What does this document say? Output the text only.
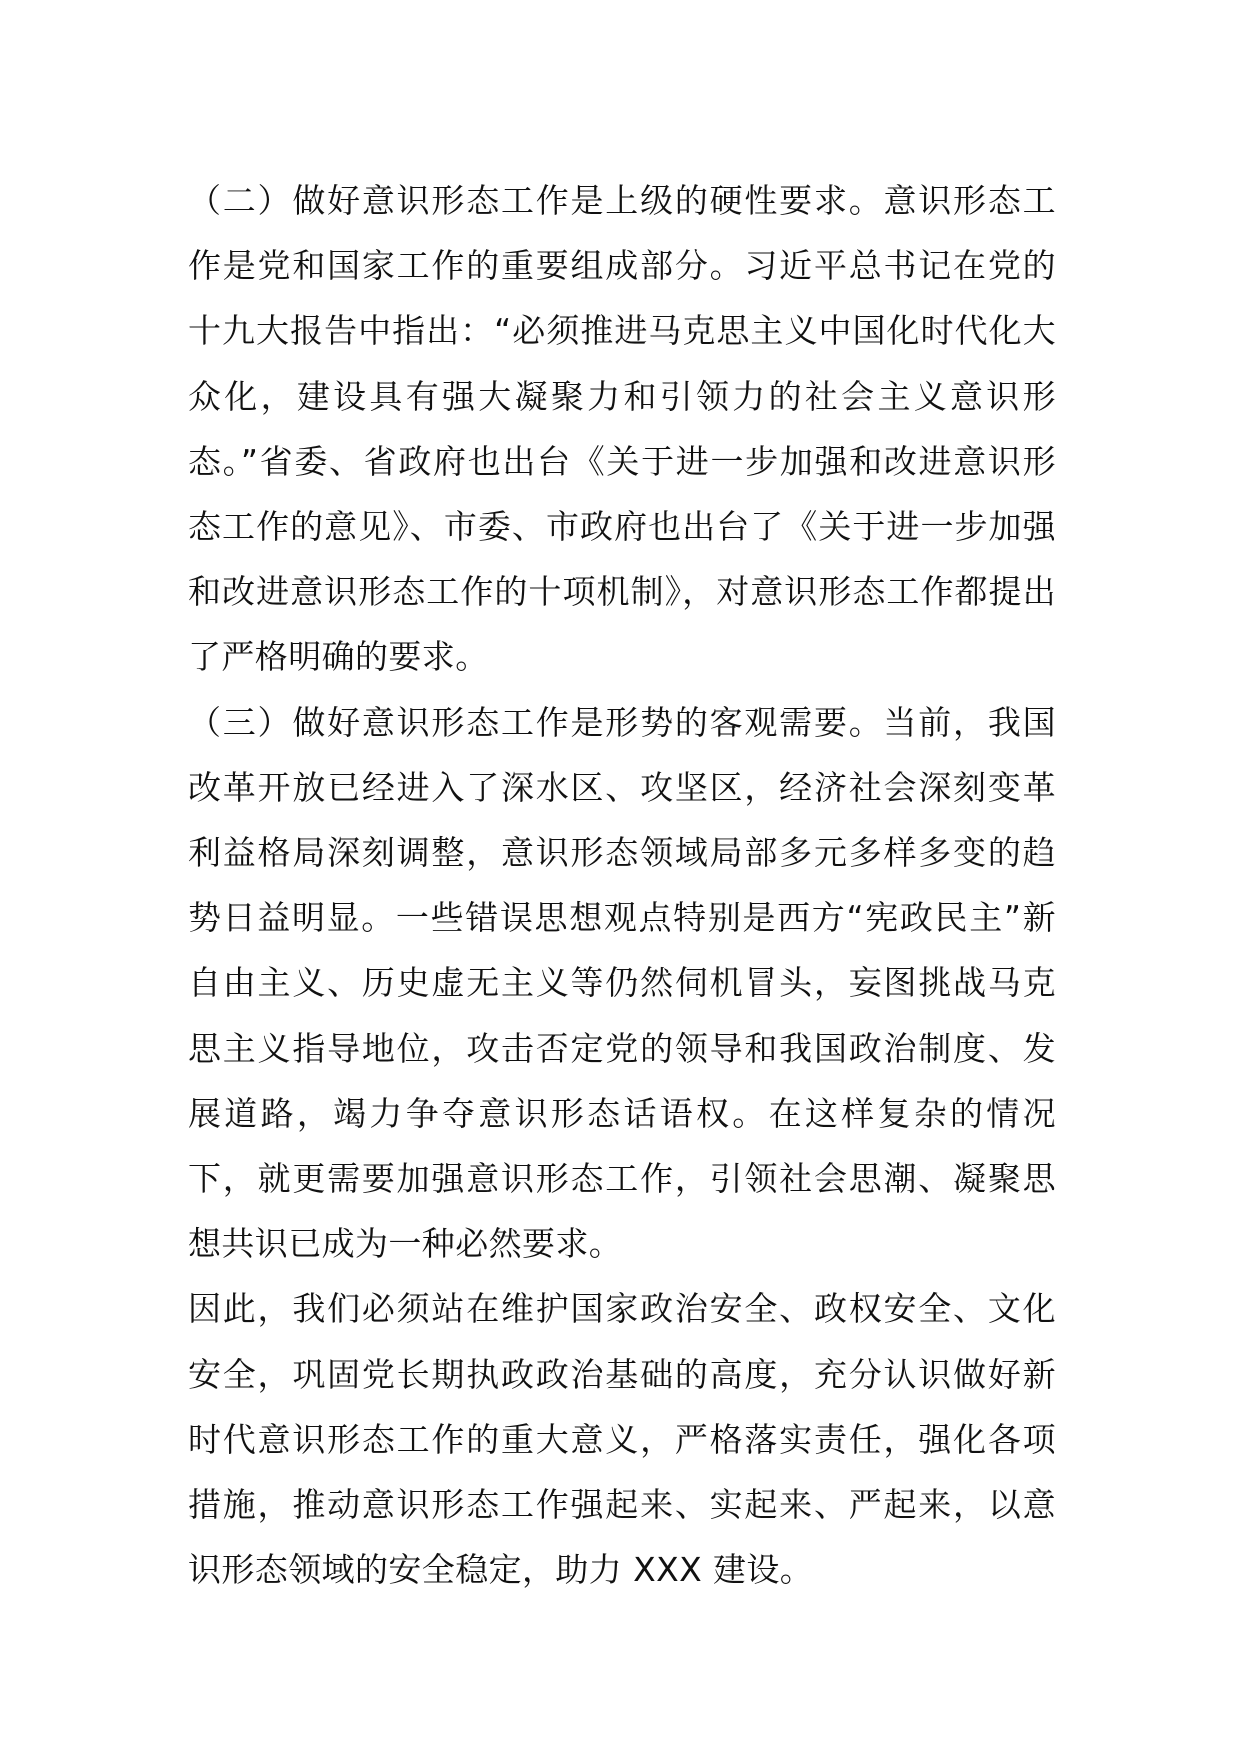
（二）做好意识形态工作是上级的硬性要求。意识形态工作是党和国家工作的重要组成部分。习近平总书记在党的十九大报告中指出：“必须推进马克思主义中国化时代化大众化，建设具有强大凝聚力和引领力的社会主义意识形态。”省委、省政府也出台《关于进一步加强和改进意识形态工作的意见》、市委、市政府也出台了《关于进一步加强和改进意识形态工作的十项机制》，对意识形态工作都提出了严格明确的要求。

（三）做好意识形态工作是形势的客观需要。当前，我国改革开放已经进入了深水区、攻坚区，经济社会深刻变革利益格局深刻调整，意识形态领域局部多元多样多变的趋势日益明显。一些错误思想观点特别是西方“宪政民主”新自由主义、历史虚无主义等仍然伺机冒头，妄图挑战马克思主义指导地位，攻击否定党的领导和我国政治制度、发展道路，竭力争夺意识形态话语权。在这样复杂的情况下，就更需要加强意识形态工作，引领社会思潮、凝聚思想共识已成为一种必然要求。

因此，我们必须站在维护国家政治安全、政权安全、文化安全，巩固党长期执政政治基础的高度，充分认识做好新时代意识形态工作的重大意义，严格落实责任，强化各项措施，推动意识形态工作强起来、实起来、严起来，以意识形态领域的安全稳定，助力 XXX 建设。
